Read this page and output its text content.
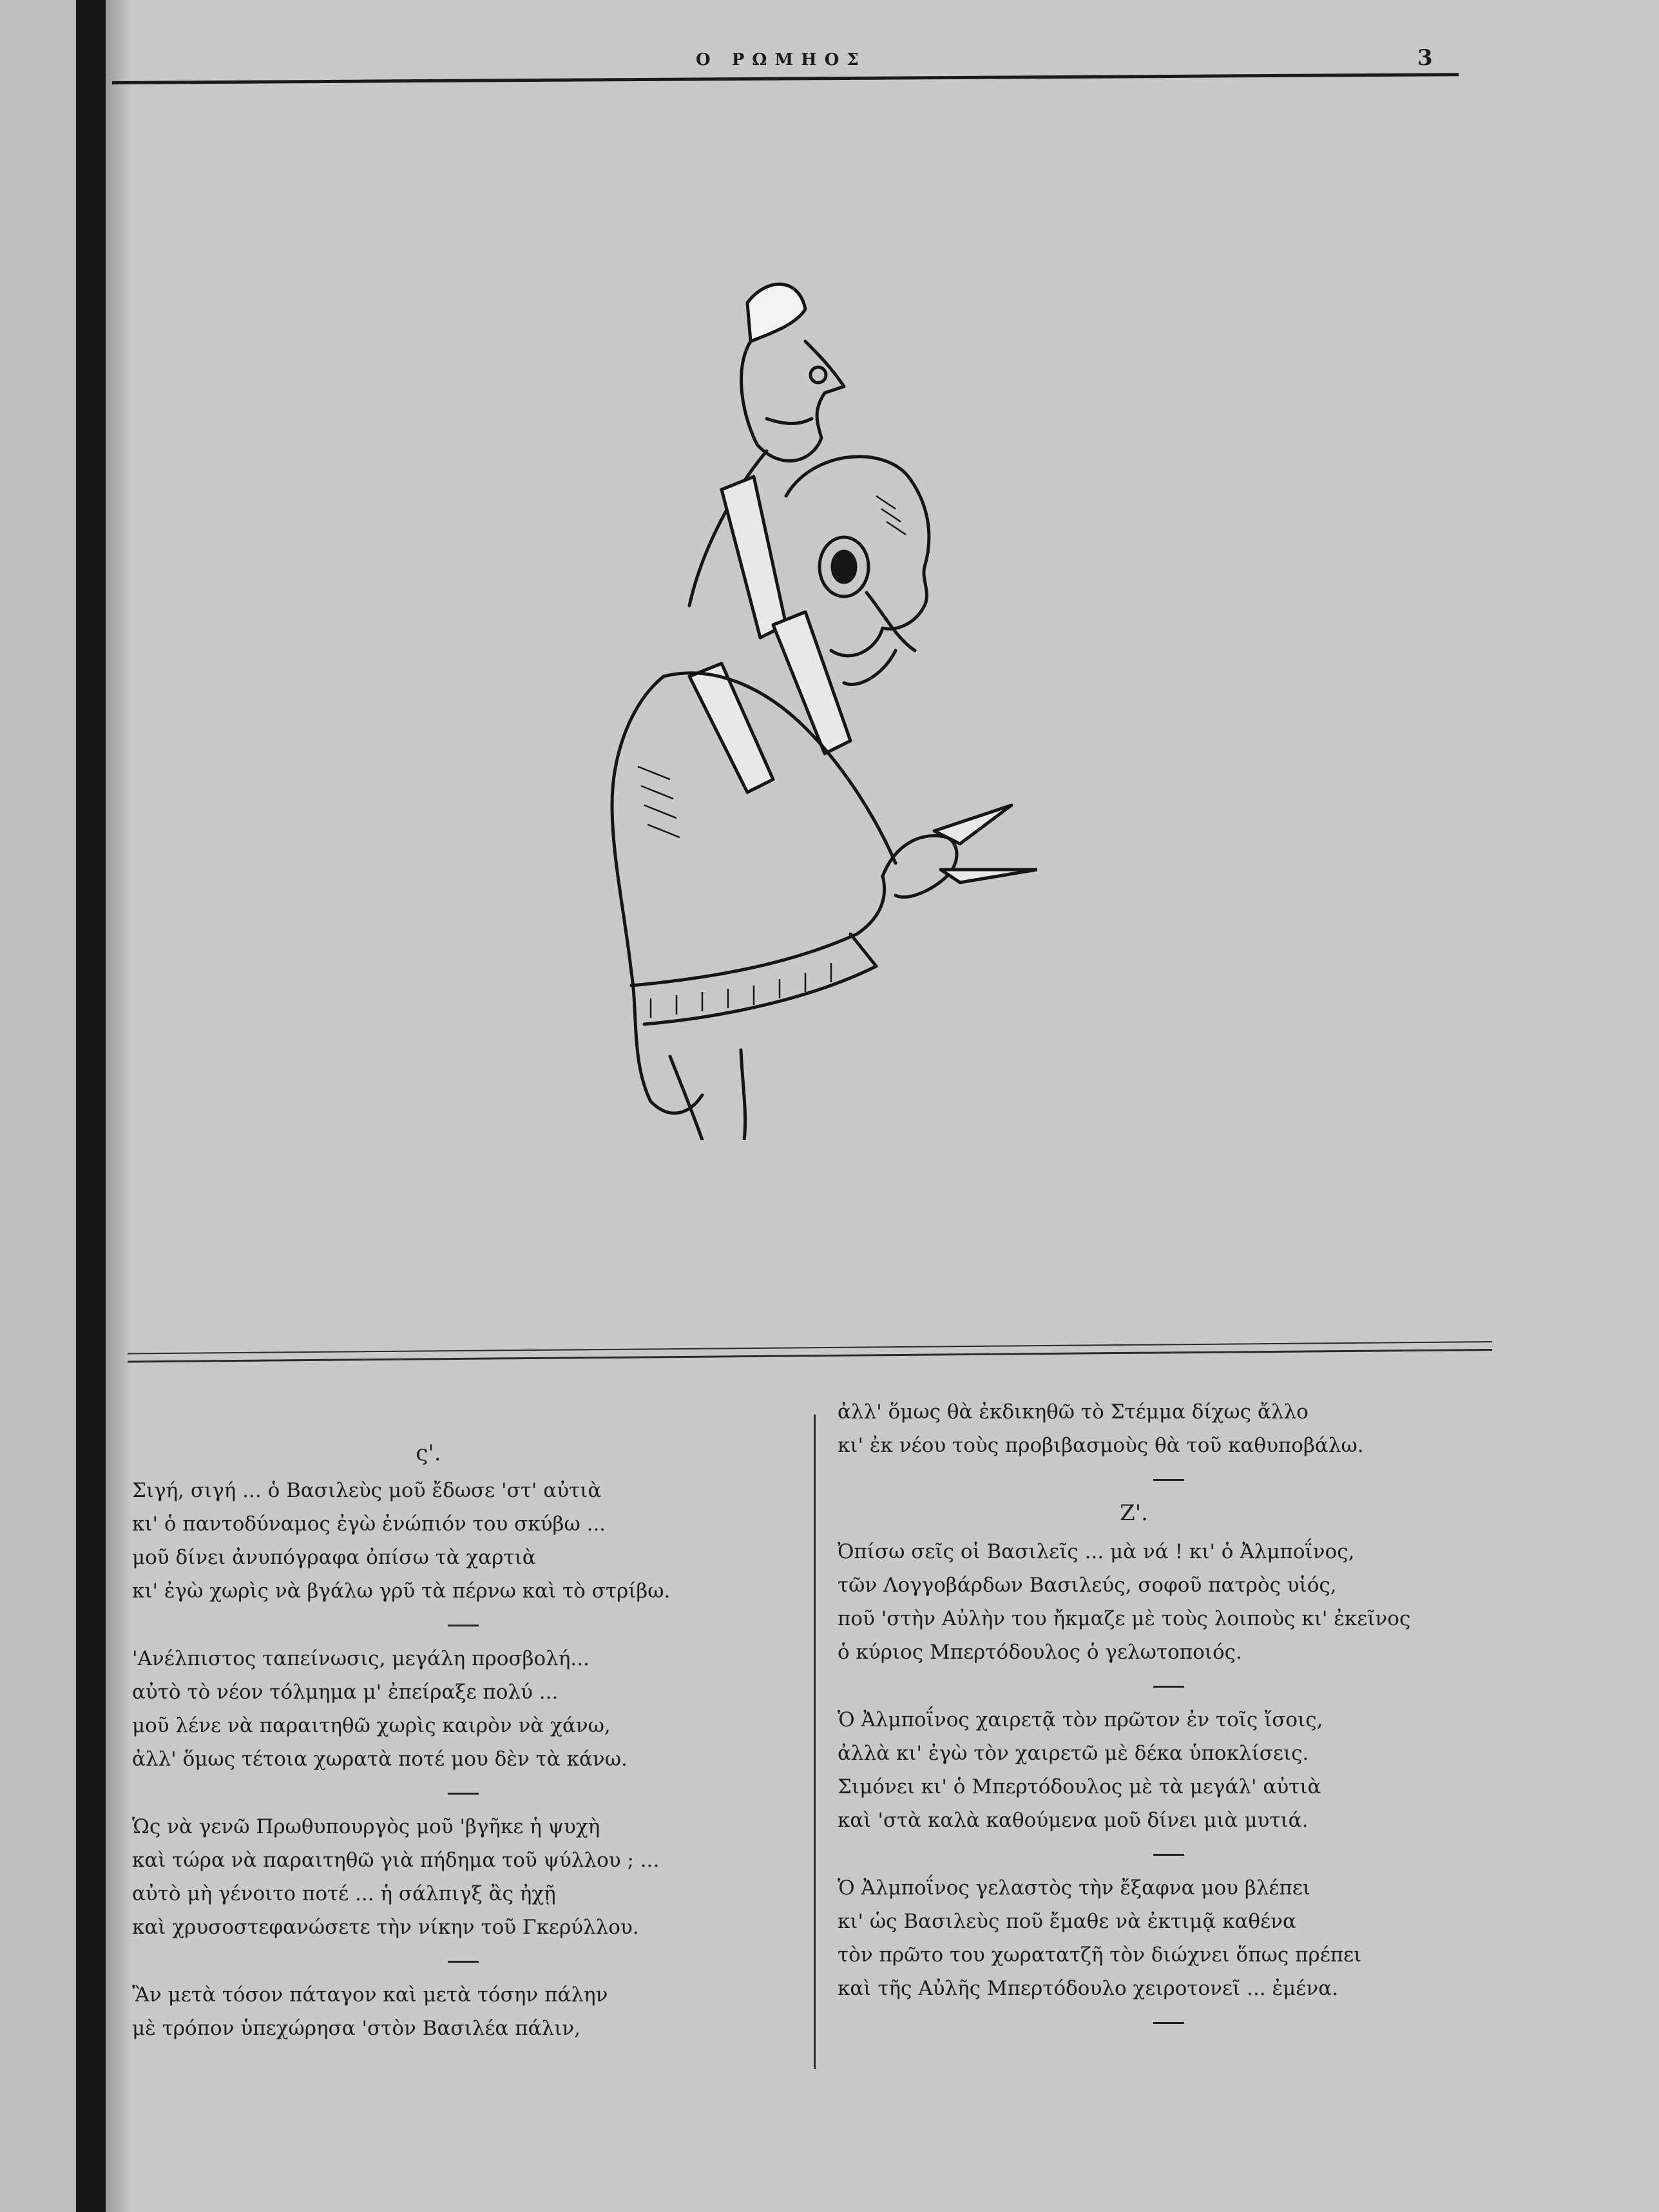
Ο ΡΩΜΗΟΣ	3

ς'.

Σιγή, σιγή ... ὁ Βασιλεὺς μοῦ ἔδωσε 'στ' αὐτιὰ
κι' ὁ παντοδύναμος ἐγὼ ἐνώπιόν του σκύβω ...
μοῦ δίνει ἀνυπόγραφα ὀπίσω τὰ χαρτιὰ
κι' ἐγὼ χωρὶς νὰ βγάλω γρῦ τὰ πέρνω καὶ τὸ στρίβω.

'Ανέλπιστος ταπείνωσις, μεγάλη προσβολή...
αὐτὸ τὸ νέον τόλμημα μ' ἐπείραξε πολύ ...
μοῦ λένε νὰ παραιτηθῶ χωρὶς καιρὸν νὰ χάνω,
ἀλλ' ὅμως τέτοια χωρατὰ ποτέ μου δὲν τὰ κάνω.

Ὡς νὰ γενῶ Πρωθυπουργὸς μοῦ 'βγῆκε ἡ ψυχὴ
καὶ τώρα νὰ παραιτηθῶ γιὰ πήδημα τοῦ ψύλλου ; ...
αὐτὸ μὴ γένοιτο ποτέ ... ἡ σάλπιγξ ἂς ἠχῇ
καὶ χρυσοστεφανώσετε τὴν νίκην τοῦ Γκερύλλου.

Ἂν μετὰ τόσον πάταγον καὶ μετὰ τόσην πάλην
μὲ τρόπον ὑπεχώρησα 'στὸν Βασιλέα πάλιν,

ἀλλ' ὅμως θὰ ἐκδικηθῶ τὸ Στέμμα δίχως ἄλλο
κι' ἐκ νέου τοὺς προβιβασμοὺς θὰ τοῦ καθυποβάλω.

Ζ'.

Ὀπίσω σεῖς οἱ Βασιλεῖς ... μὰ νά ! κι' ὁ Ἀλμποΐνος,
τῶν Λογγοβάρδων Βασιλεύς, σοφοῦ πατρὸς υἱός,
ποῦ 'στὴν Αὐλὴν του ἤκμαζε μὲ τοὺς λοιποὺς κι' ἐκεῖνος
ὁ κύριος Μπερτόδουλος ὁ γελωτοποιός.

Ὁ Ἀλμποΐνος χαιρετᾷ τὸν πρῶτον ἐν τοῖς ἴσοις,
ἀλλὰ κι' ἐγὼ τὸν χαιρετῶ μὲ δέκα ὑποκλίσεις.
Σιμόνει κι' ὁ Μπερτόδουλος μὲ τὰ μεγάλ' αὐτιὰ
καὶ 'στὰ καλὰ καθούμενα μοῦ δίνει μιὰ μυτιά.

Ὁ Ἀλμποΐνος γελαστὸς τὴν ἔξαφνα μου βλέπει
κι' ὡς Βασιλεὺς ποῦ ἔμαθε νὰ ἐκτιμᾷ καθένα
τὸν πρῶτο του χωρατατζῆ τὸν διώχνει ὅπως πρέπει
καὶ τῆς Αὐλῆς Μπερτόδουλο χειροτονεῖ ... ἐμένα.
